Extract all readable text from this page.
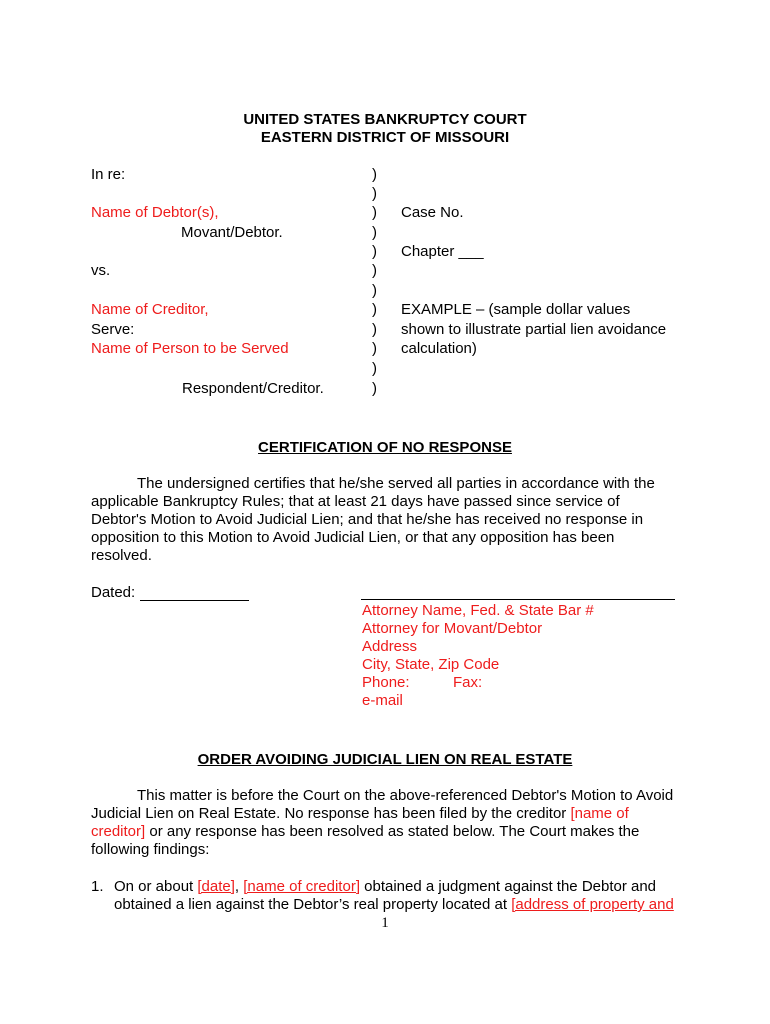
UNITED STATES BANKRUPTCY COURT
EASTERN DISTRICT OF MISSOURI
In re:
Name of Debtor(s),
Movant/Debtor.
vs.
Name of Creditor,
Serve:
Name of Person to be Served
Respondent/Creditor.
)
)
)
)
)
)
)
)
)
)
)
)
Case No.
Chapter ___
EXAMPLE – (sample dollar values
shown to illustrate partial lien avoidance
calculation)
CERTIFICATION OF NO RESPONSE
The undersigned certifies that he/she served all parties in accordance with the
applicable Bankruptcy Rules; that at least 21 days have passed since service of
Debtor's Motion to Avoid Judicial Lien; and that he/she has received no response in
opposition to this Motion to Avoid Judicial Lien, or that any opposition has been
resolved.
Dated:
Attorney Name, Fed. & State Bar #
Attorney for Movant/Debtor
Address
City, State, Zip Code
Phone:	Fax:
e-mail
ORDER AVOIDING JUDICIAL LIEN ON REAL ESTATE
This matter is before the Court on the above-referenced Debtor's Motion to Avoid
Judicial Lien on Real Estate. No response has been filed by the creditor [name of
creditor] or any response has been resolved as stated below. The Court makes the
following findings:
1. On or about [date], [name of creditor] obtained a judgment against the Debtor and
obtained a lien against the Debtor’s real property located at [address of property and
1
